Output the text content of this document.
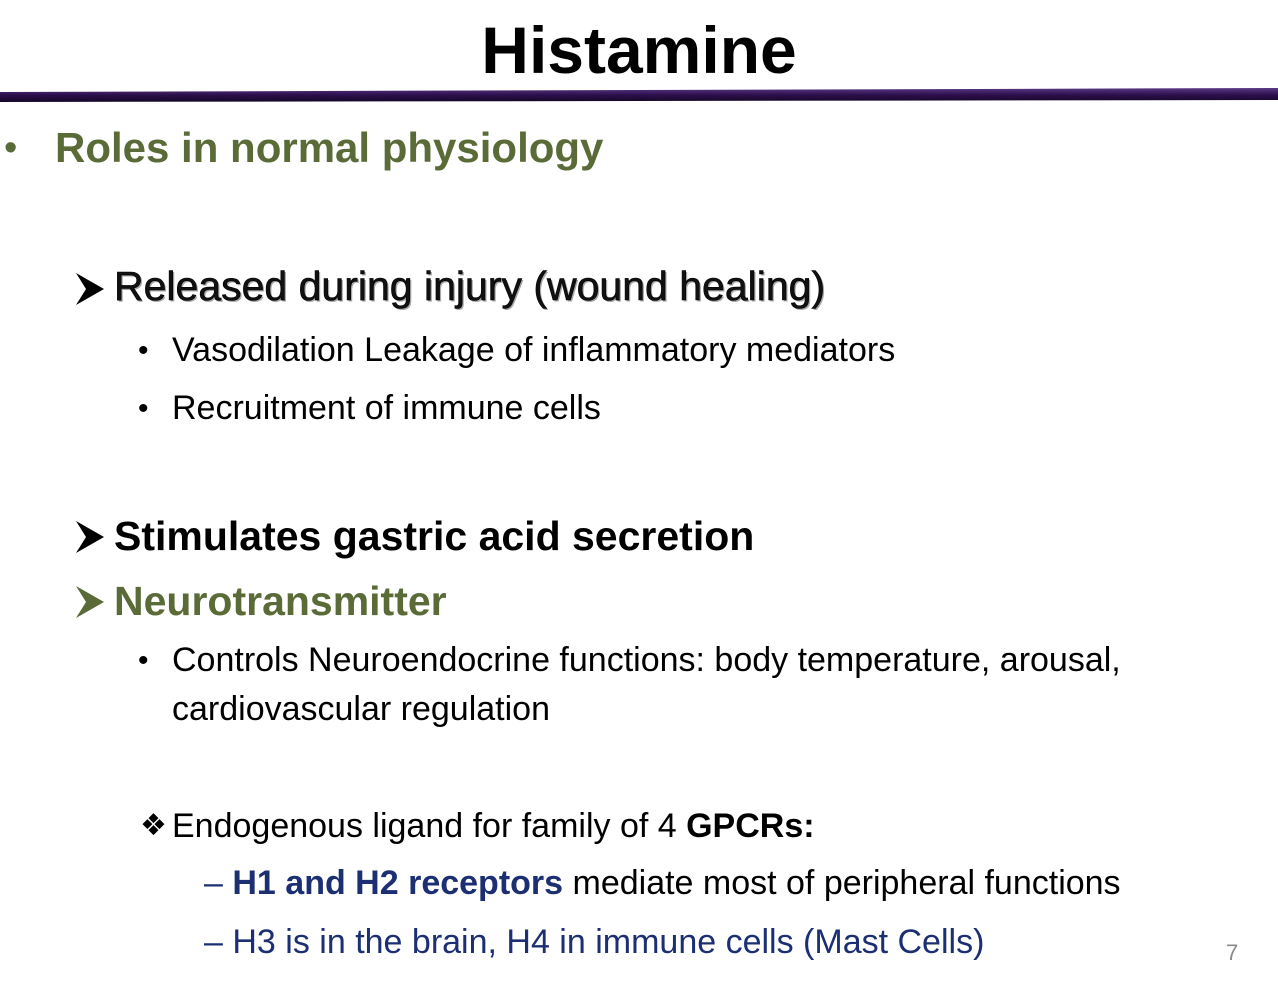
Histamine
• Roles in normal physiology
Released during injury (wound healing)
• Vasodilation Leakage of inflammatory mediators
• Recruitment of immune cells
Stimulates gastric acid secretion
Neurotransmitter
• Controls Neuroendocrine functions: body temperature, arousal, cardiovascular regulation
❖ Endogenous ligand for family of 4 GPCRs:
– H1 and H2 receptors mediate most of peripheral functions
– H3 is in the brain, H4 in immune cells (Mast Cells)	7
